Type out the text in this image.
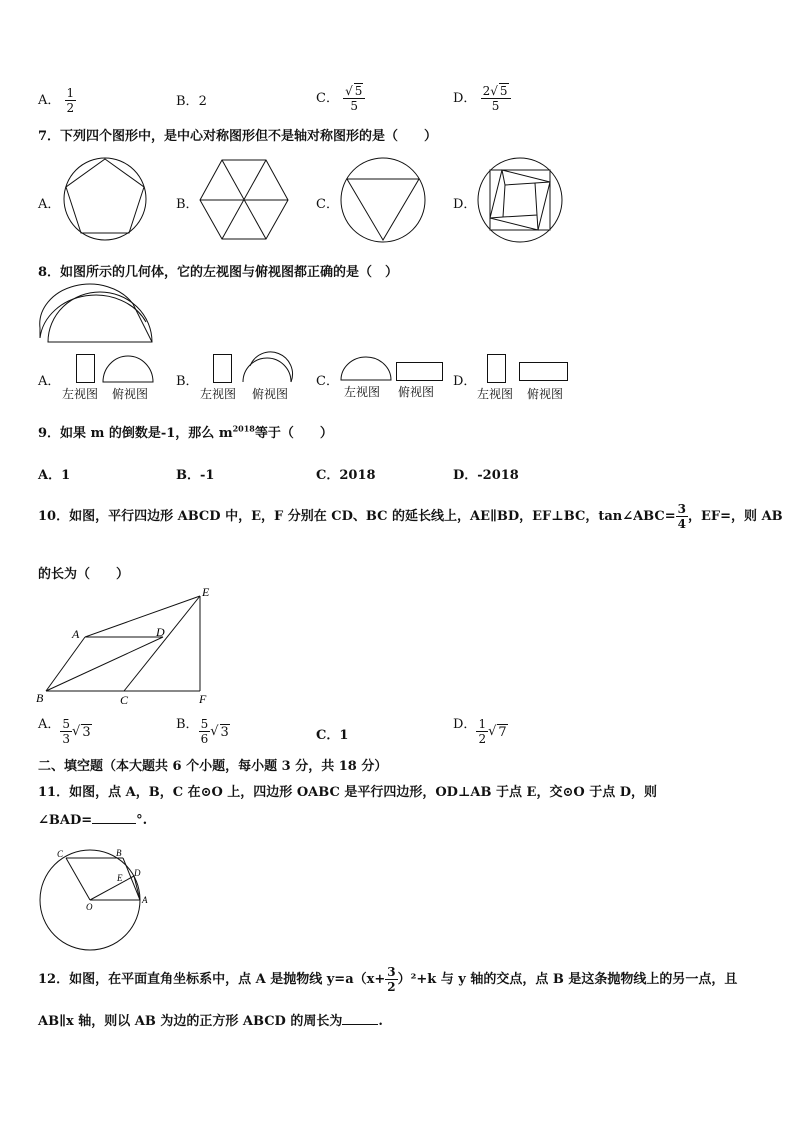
A． $\frac{1}{2}$	B．2	C． $\frac{√ 5}{5}$	D． $\frac{2√ 5}{5}$
7．下列四个图形中，是中心对称图形但不是轴对称图形的是（　　）
A．	B．	C．	D．
8．如图所示的几何体，它的左视图与俯视图都正确的是（　）
A．
左视图 俯视图
B．
左视图 俯视图
C．
左视图 俯视图
D．
左视图 俯视图
9．如果 m 的倒数是-1，那么 $m^{2018}$等于（　　）
A．1	B．-1	C．2018	D．-2018
10．如图，平行四边形 ABCD 中，E，F 分别在 CD、BC 的延长线上，AE∥BD，EF⊥BC，tan∠ABC= $\frac{3}{4}$ ，EF=，则 AB
的长为（　　）
E
A	D
B	C	F
A． $\frac{5}{3}$ √ 3	B． $\frac{5}{6}$ √ 3	C．1
D． $\frac{1}{2}$ √ 7
二、填空题（本大题共 6 个小题，每小题 3 分，共 18 分）
11．如图，点 A，B，C 在⊙O 上，四边形 OABC 是平行四边形，OD⊥AB 于点 E，交⊙O 于点 D，则
∠BAD=	°.
C	B
E D
A
O
12．如图，在平面直角坐标系中，点 A 是抛物线 $y=a(x+ \frac{3}{2} )^2+k$ 与 y 轴的交点，点 B 是这条抛物线上的另一点，且
AB∥x 轴，则以 AB 为边的正方形 ABCD 的周长为	.
